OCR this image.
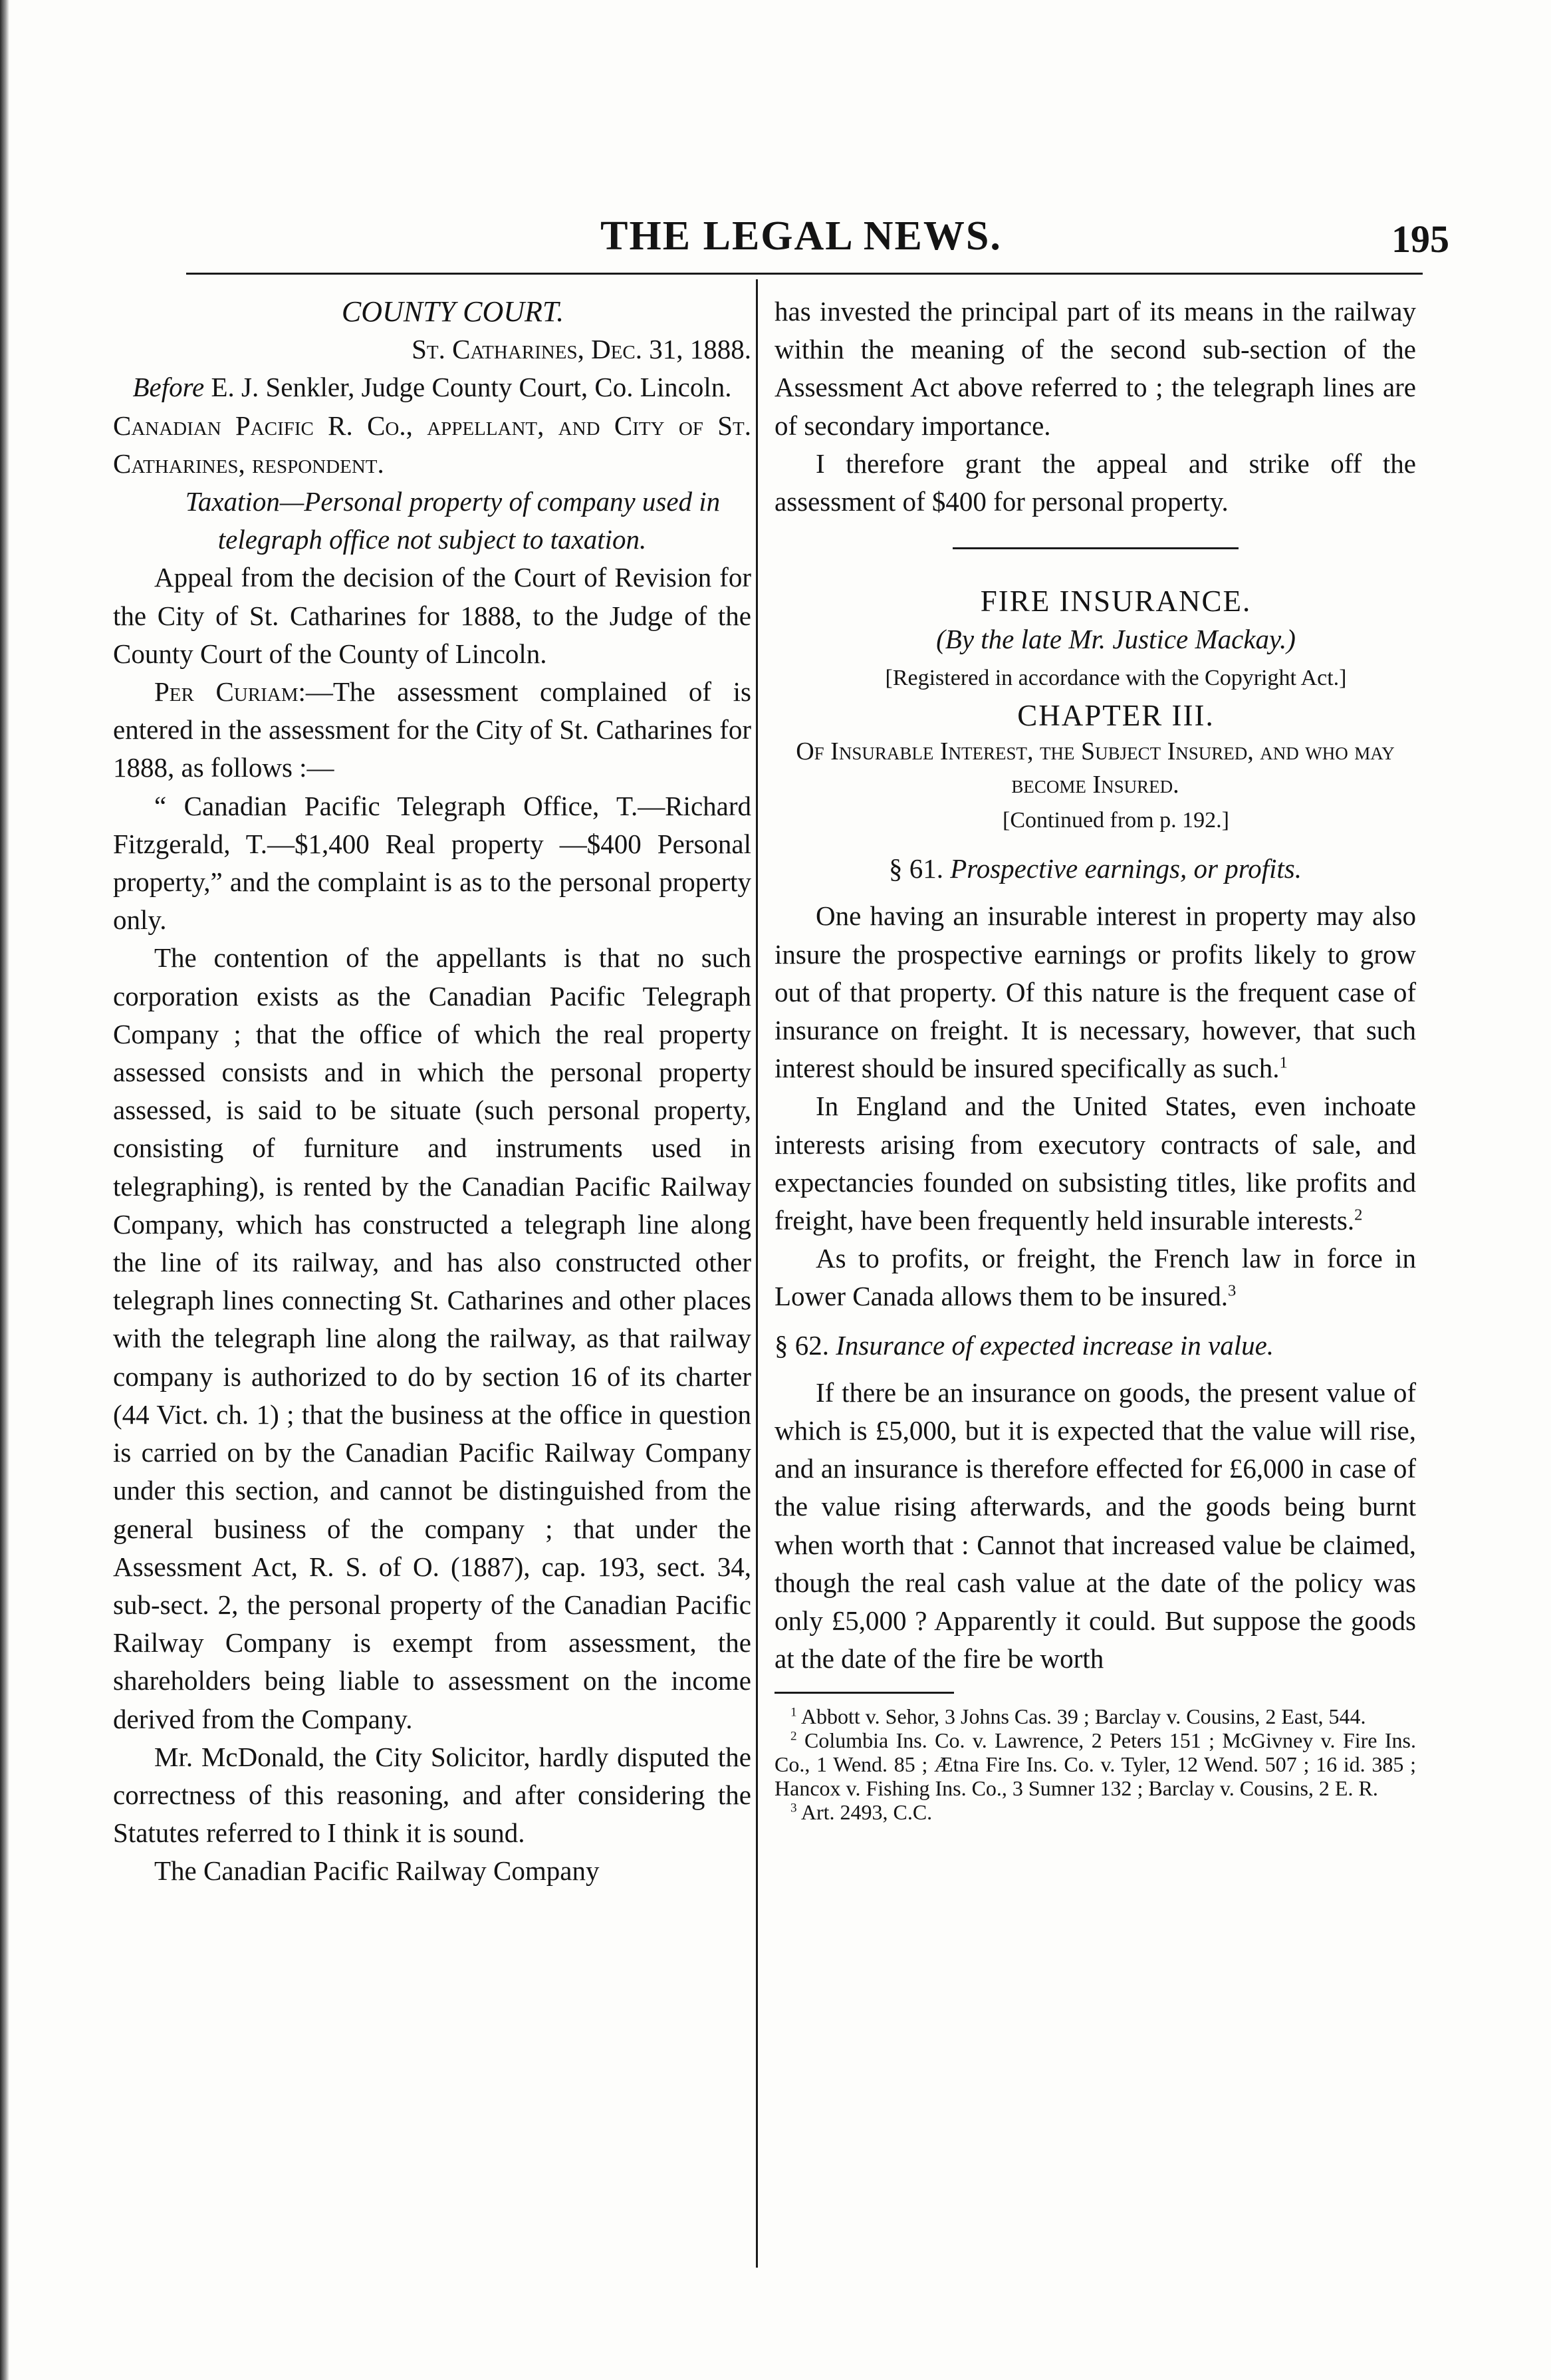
THE LEGAL NEWS.	195

COUNTY COURT.

St. Catharines, Dec. 31, 1888.

Before E. J. Senkler, Judge County Court, Co. Lincoln.

Canadian Pacific R. Co., appellant, and City of St. Catharines, respondent.

Taxation—Personal property of company used in telegraph office not subject to taxation.

Appeal from the decision of the Court of Revision for the City of St. Catharines for 1888, to the Judge of the County Court of the County of Lincoln.

Per Curiam:—The assessment complained of is entered in the assessment for the City of St. Catharines for 1888, as follows :—

“ Canadian Pacific Telegraph Office, T.—Richard Fitzgerald, T.—$1,400 Real property —$400 Personal property,” and the complaint is as to the personal property only.

The contention of the appellants is that no such corporation exists as the Canadian Pacific Telegraph Company ; that the office of which the real property assessed consists and in which the personal property assessed, is said to be situate (such personal property, consisting of furniture and instruments used in telegraphing), is rented by the Canadian Pacific Railway Company, which has constructed a telegraph line along the line of its railway, and has also constructed other telegraph lines connecting St. Catharines and other places with the telegraph line along the railway, as that railway company is authorized to do by section 16 of its charter (44 Vict. ch. 1) ; that the business at the office in question is carried on by the Canadian Pacific Railway Company under this section, and cannot be distinguished from the general business of the company ; that under the Assessment Act, R. S. of O. (1887), cap. 193, sect. 34, sub-sect. 2, the personal property of the Canadian Pacific Railway Company is exempt from assessment, the shareholders being liable to assessment on the income derived from the Company.

Mr. McDonald, the City Solicitor, hardly disputed the correctness of this reasoning, and after considering the Statutes referred to I think it is sound.

The Canadian Pacific Railway Company

has invested the principal part of its means in the railway within the meaning of the second sub-section of the Assessment Act above referred to ; the telegraph lines are of secondary importance.

I therefore grant the appeal and strike off the assessment of $400 for personal property.

FIRE INSURANCE.

(By the late Mr. Justice Mackay.)

[Registered in accordance with the Copyright Act.]

CHAPTER III.

Of Insurable Interest, the Subject Insured, and who may become Insured.

[Continued from p. 192.]

§ 61. Prospective earnings, or profits.

One having an insurable interest in property may also insure the prospective earnings or profits likely to grow out of that property. Of this nature is the frequent case of insurance on freight. It is necessary, however, that such interest should be insured specifically as such.$^1$

In England and the United States, even inchoate interests arising from executory contracts of sale, and expectancies founded on subsisting titles, like profits and freight, have been frequently held insurable interests.$^2$

As to profits, or freight, the French law in force in Lower Canada allows them to be insured.$^3$

§ 62. Insurance of expected increase in value.

If there be an insurance on goods, the present value of which is £5,000, but it is expected that the value will rise, and an insurance is therefore effected for £6,000 in case of the value rising afterwards, and the goods being burnt when worth that : Cannot that increased value be claimed, though the real cash value at the date of the policy was only £5,000 ? Apparently it could. But suppose the goods at the date of the fire be worth

$^1$ Abbott v. Sehor, 3 Johns Cas. 39 ; Barclay v. Cousins, 2 East, 544.

$^2$ Columbia Ins. Co. v. Lawrence, 2 Peters 151 ; McGivney v. Fire Ins. Co., 1 Wend. 85 ; Ætna Fire Ins. Co. v. Tyler, 12 Wend. 507 ; 16 id. 385 ; Hancox v. Fishing Ins. Co., 3 Sumner 132 ; Barclay v. Cousins, 2 E. R.

$^3$ Art. 2493, C.C.
